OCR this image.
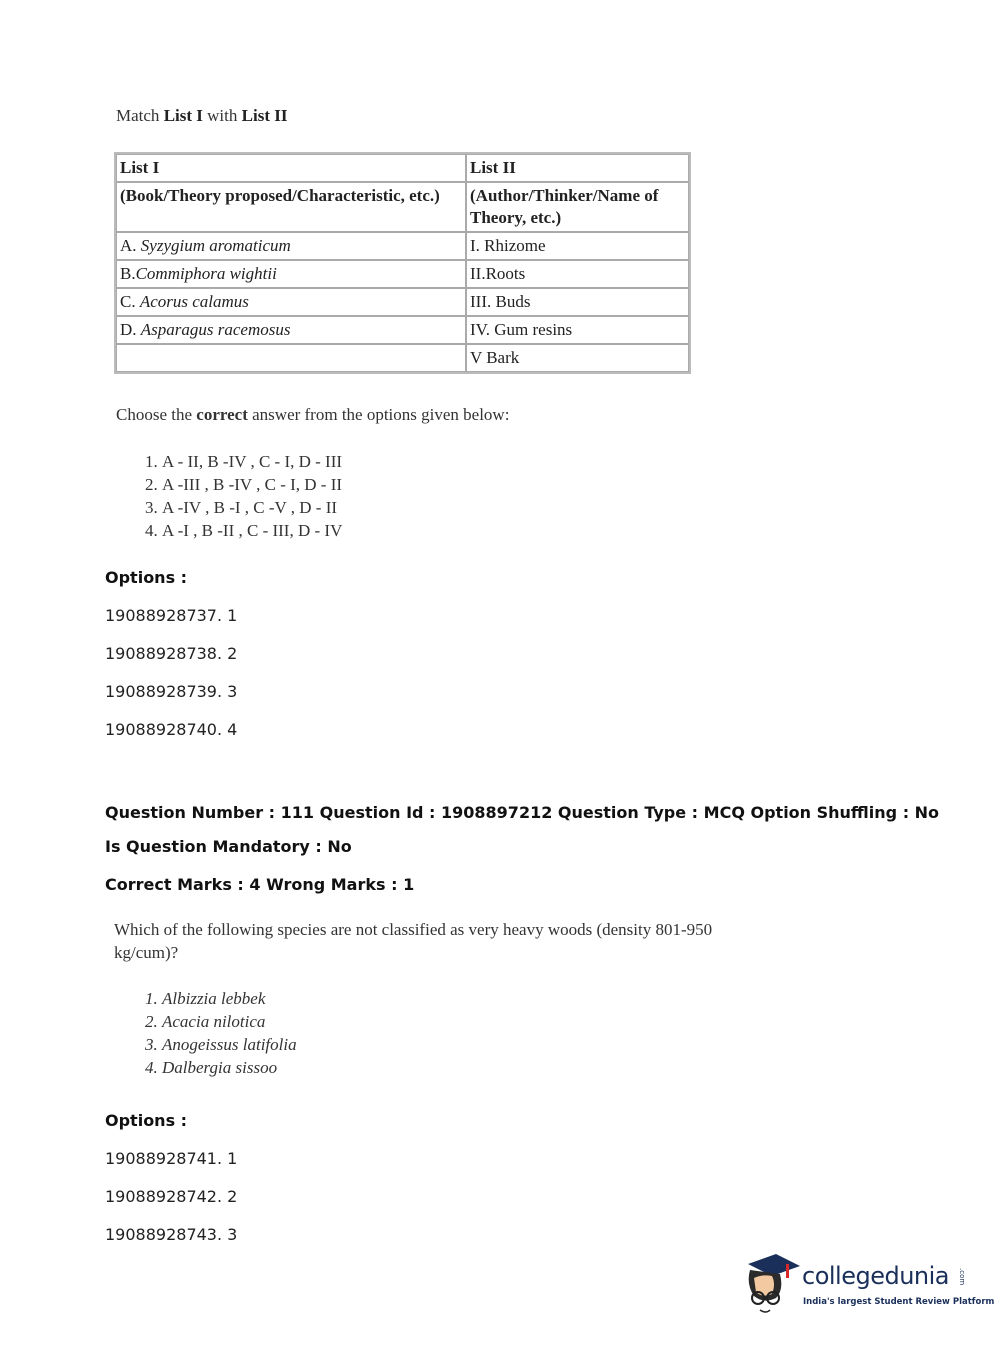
Match List I with List II
List I	List II
(Book/Theory proposed/Characteristic, etc.)	(Author/Thinker/Name of Theory, etc.)
A. Syzygium aromaticum	I. Rhizome
B.Commiphora wightii	II.Roots
C. Acorus calamus	III. Buds
D. Asparagus racemosus	IV. Gum resins
	V Bark
Choose the correct answer from the options given below:
1. A - II, B -IV , C - I, D - III
2. A -III , B -IV , C - I, D - II
3. A -IV , B -I , C -V , D - II
4. A -I , B -II , C - III, D - IV
Options :
19088928737. 1
19088928738. 2
19088928739. 3
19088928740. 4
Question Number : 111 Question Id : 1908897212 Question Type : MCQ Option Shuffling : No
Is Question Mandatory : No
Correct Marks : 4 Wrong Marks : 1
Which of the following species are not classified as very heavy woods (density 801-950 kg/cum)?
1. Albizzia lebbek
2. Acacia nilotica
3. Anogeissus latifolia
4. Dalbergia sissoo
Options :
19088928741. 1
19088928742. 2
19088928743. 3
collegedunia .com
India's largest Student Review Platform
